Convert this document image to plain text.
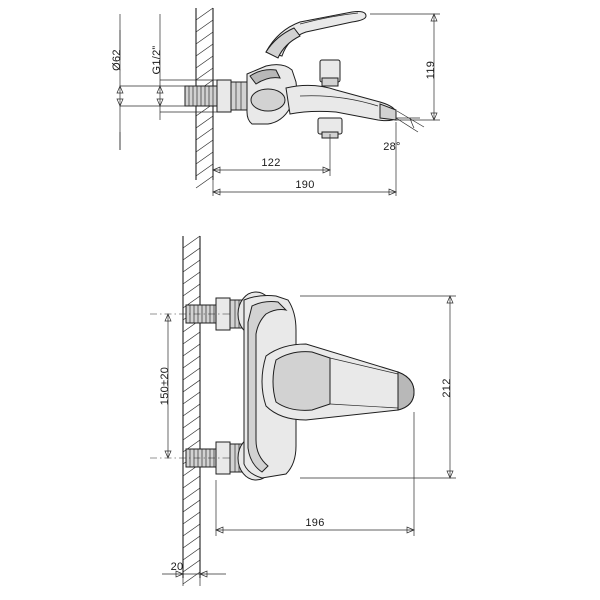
Ø62	G1/2”	119
28°
122
190
150±20	212
196
20
